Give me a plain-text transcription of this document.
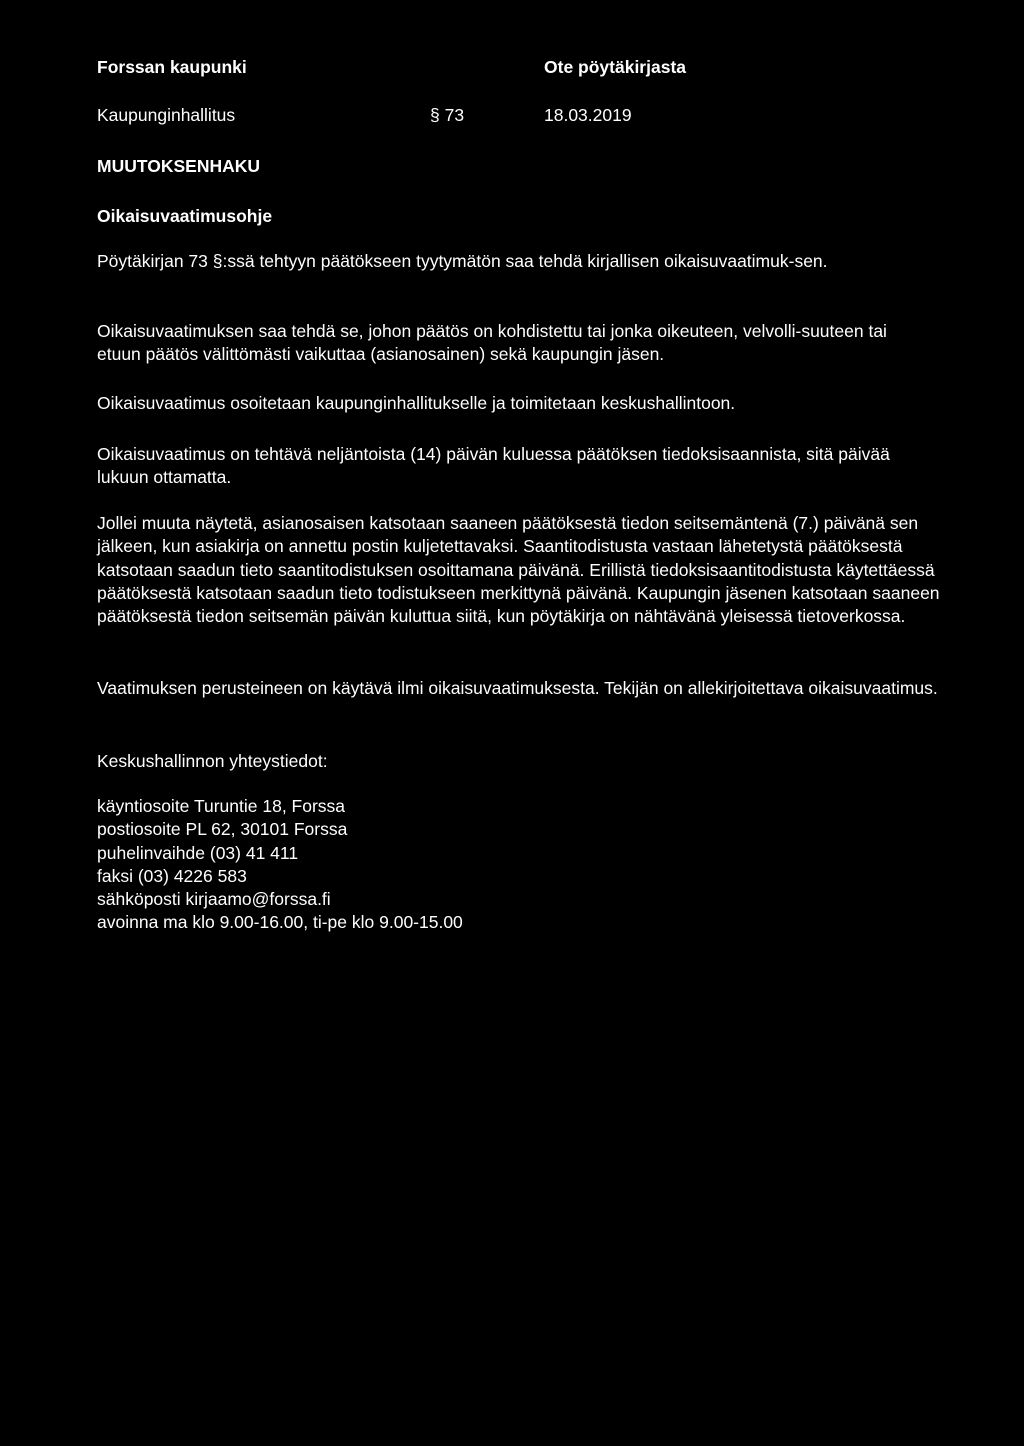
Forssan kaupunki	Ote pöytäkirjasta
Kaupunginhallitus	§ 73	18.03.2019
MUUTOKSENHAKU
Oikaisuvaatimusohje

Pöytäkirjan 73 §:ssä tehtyyn päätökseen tyytymätön saa tehdä kirjallisen oikaisuvaatimuk-sen.

Oikaisuvaatimuksen saa tehdä se, johon päätös on kohdistettu tai jonka oikeuteen, velvolli-suuteen tai etuun päätös välittömästi vaikuttaa (asianosainen) sekä kaupungin jäsen.

Oikaisuvaatimus osoitetaan kaupunginhallitukselle ja toimitetaan keskushallintoon.

Oikaisuvaatimus on tehtävä neljäntoista (14) päivän kuluessa päätöksen tiedoksisaannista, sitä päivää lukuun ottamatta.

Jollei muuta näytetä, asianosaisen katsotaan saaneen päätöksestä tiedon seitsemäntenä (7.) päivänä sen jälkeen, kun asiakirja on annettu postin kuljetettavaksi. Saantitodistusta vastaan lähetetystä päätöksestä katsotaan saadun tieto saantitodistuksen osoittamana päivänä. Erillistä tiedoksisaantitodistusta käytettäessä päätöksestä katsotaan saadun tieto todistukseen merkittynä päivänä. Kaupungin jäsenen katsotaan saaneen päätöksestä tiedon seitsemän päivän kuluttua siitä, kun pöytäkirja on nähtävänä yleisessä tietoverkossa.

Vaatimuksen perusteineen on käytävä ilmi oikaisuvaatimuksesta. Tekijän on allekirjoitettava oikaisuvaatimus.

Keskushallinnon yhteystiedot:
käyntiosoite Turuntie 18, Forssa
postiosoite PL 62, 30101 Forssa
puhelinvaihde (03) 41 411
faksi (03) 4226 583
sähköposti kirjaamo@forssa.fi
avoinna ma klo 9.00-16.00, ti-pe klo 9.00-15.00
